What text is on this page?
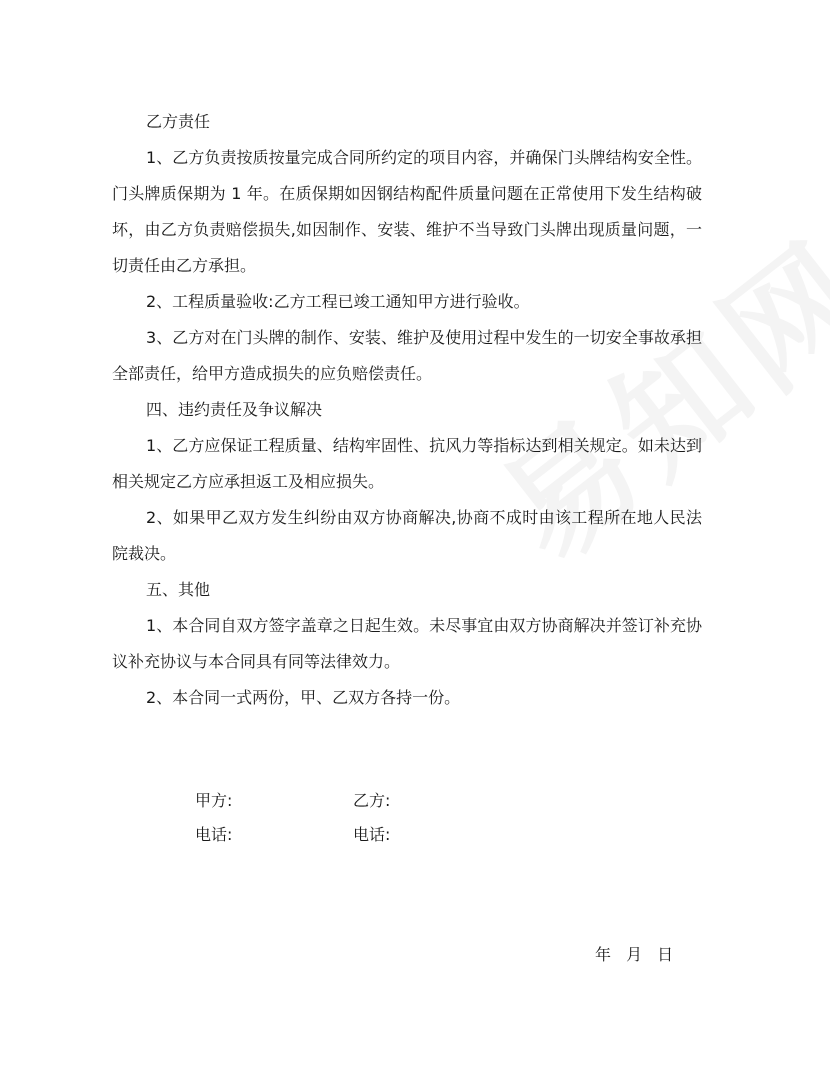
乙方责任

1、乙方负责按质按量完成合同所约定的项目内容，并确保门头牌结构安全性。门头牌质保期为 1 年。在质保期如因钢结构配件质量问题在正常使用下发生结构破坏，由乙方负责赔偿损失,如因制作、安装、维护不当导致门头牌出现质量问题，一切责任由乙方承担。

2、工程质量验收:乙方工程已竣工通知甲方进行验收。

3、乙方对在门头牌的制作、安装、维护及使用过程中发生的一切安全事故承担全部责任，给甲方造成损失的应负赔偿责任。

四、违约责任及争议解决

1、乙方应保证工程质量、结构牢固性、抗风力等指标达到相关规定。如未达到相关规定乙方应承担返工及相应损失。

2、如果甲乙双方发生纠纷由双方协商解决,协商不成时由该工程所在地人民法院裁决。

五、其他

1、本合同自双方签字盖章之日起生效。未尽事宜由双方协商解决并签订补充协议补充协议与本合同具有同等法律效力。

2、本合同一式两份，甲、乙双方各持一份。

甲方:	乙方:
电话:	电话:
年 月 日
